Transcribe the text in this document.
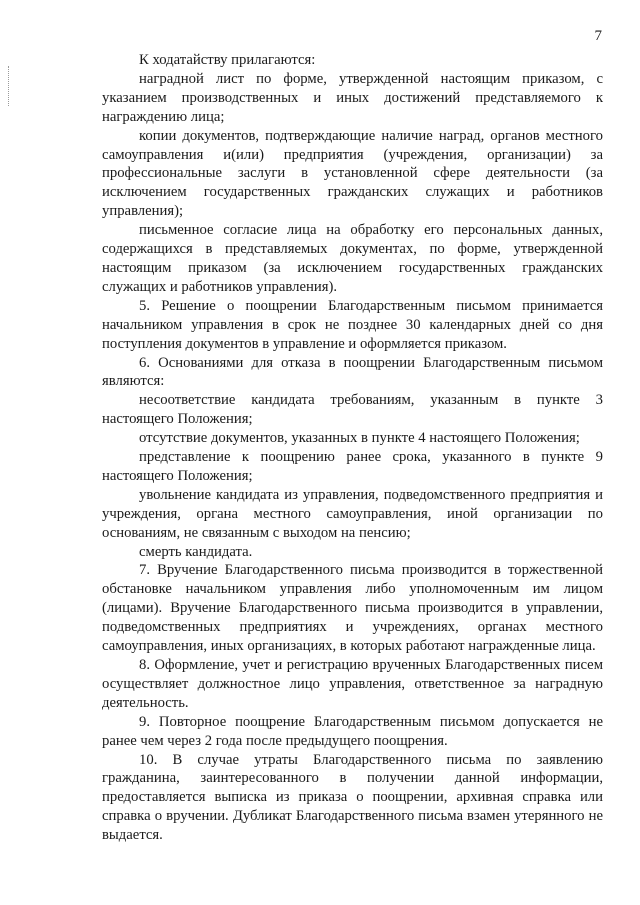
7

К ходатайству прилагаются:

наградной лист по форме, утвержденной настоящим приказом, с указанием производственных и иных достижений представляемого к награждению лица;

копии документов, подтверждающие наличие наград, органов местного самоуправления и(или) предприятия (учреждения, организации) за профессиональные заслуги в установленной сфере деятельности (за исключением государственных гражданских служащих и работников управления);

письменное согласие лица на обработку его персональных данных, содержащихся в представляемых документах, по форме, утвержденной настоящим приказом (за исключением государственных гражданских служащих и работников управления).

5. Решение о поощрении Благодарственным письмом принимается начальником управления в срок не позднее 30 календарных дней со дня поступления документов в управление и оформляется приказом.

6. Основаниями для отказа в поощрении Благодарственным письмом являются:

несоответствие кандидата требованиям, указанным в пункте 3 настоящего Положения;

отсутствие документов, указанных в пункте 4 настоящего Положения;

представление к поощрению ранее срока, указанного в пункте 9 настоящего Положения;

увольнение кандидата из управления, подведомственного предприятия и учреждения, органа местного самоуправления, иной организации по основаниям, не связанным с выходом на пенсию;

смерть кандидата.

7. Вручение Благодарственного письма производится в торжественной обстановке начальником управления либо уполномоченным им лицом (лицами). Вручение Благодарственного письма производится в управлении, подведомственных предприятиях и учреждениях, органах местного самоуправления, иных организациях, в которых работают награжденные лица.

8. Оформление, учет и регистрацию врученных Благодарственных писем осуществляет должностное лицо управления, ответственное за наградную деятельность.

9. Повторное поощрение Благодарственным письмом допускается не ранее чем через 2 года после предыдущего поощрения.

10. В случае утраты Благодарственного письма по заявлению гражданина, заинтересованного в получении данной информации, предоставляется выписка из приказа о поощрении, архивная справка или справка о вручении. Дубликат Благодарственного письма взамен утерянного не выдается.
